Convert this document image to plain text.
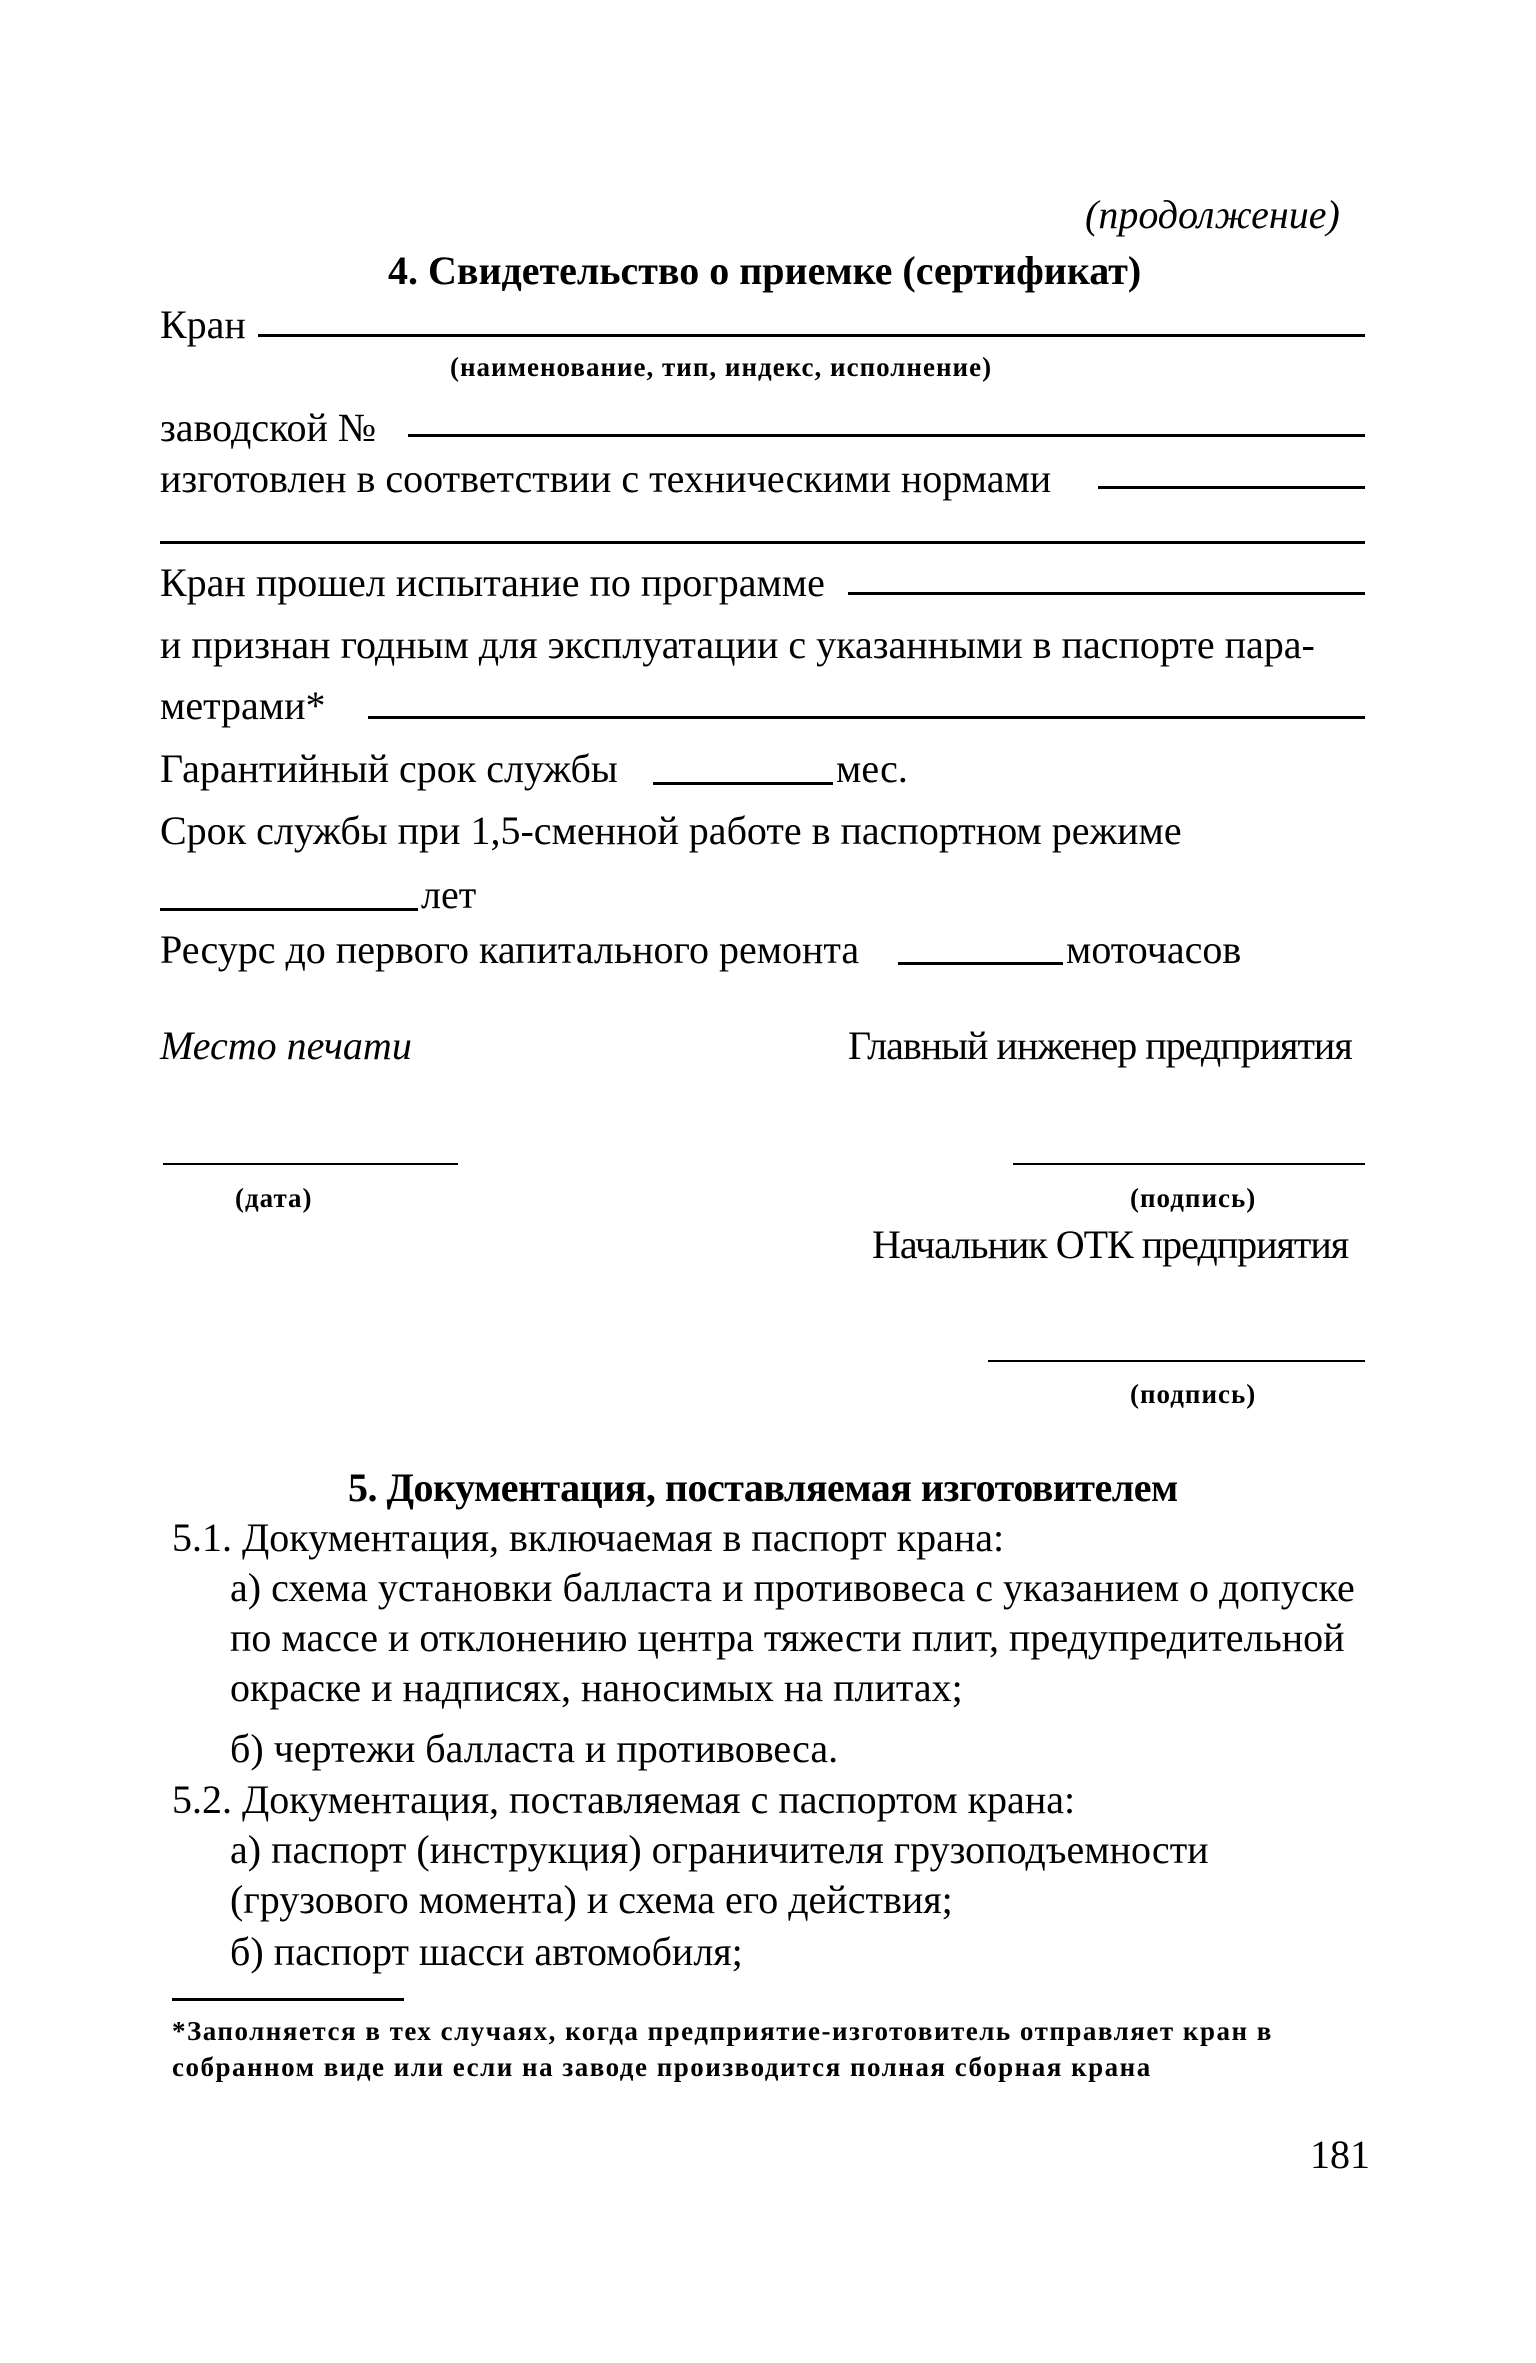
(продолжение)
4. Свидетельство о приемке (сертификат)
Кран
(наименование, тип, индекс, исполнение)
заводской №
изготовлен в соответствии с техническими нормами
Кран прошел испытание по программе
и признан годным для эксплуатации с указанными в паспорте пара-
метрами*
Гарантийный срок службы	мес.
Срок службы при 1,5-сменной работе в паспортном режиме
лет
Ресурс до первого капитального ремонта	моточасов
Место печати	Главный инженер предприятия
(дата)	(подпись)
Начальник ОТК предприятия
(подпись)
5. Документация, поставляемая изготовителем
5.1. Документация, включаемая в паспорт крана:
а) схема установки балласта и противовеса с указанием о допуске
по массе и отклонению центра тяжести плит, предупредительной
окраске и надписях, наносимых на плитах;
б) чертежи балласта и противовеса.
5.2. Документация, поставляемая с паспортом крана:
а) паспорт (инструкция) ограничителя грузоподъемности
(грузового момента) и схема его действия;
б) паспорт шасси автомобиля;
*Заполняется в тех случаях, когда предприятие-изготовитель отправляет кран в
собранном виде или если на заводе производится полная сборная крана
181
